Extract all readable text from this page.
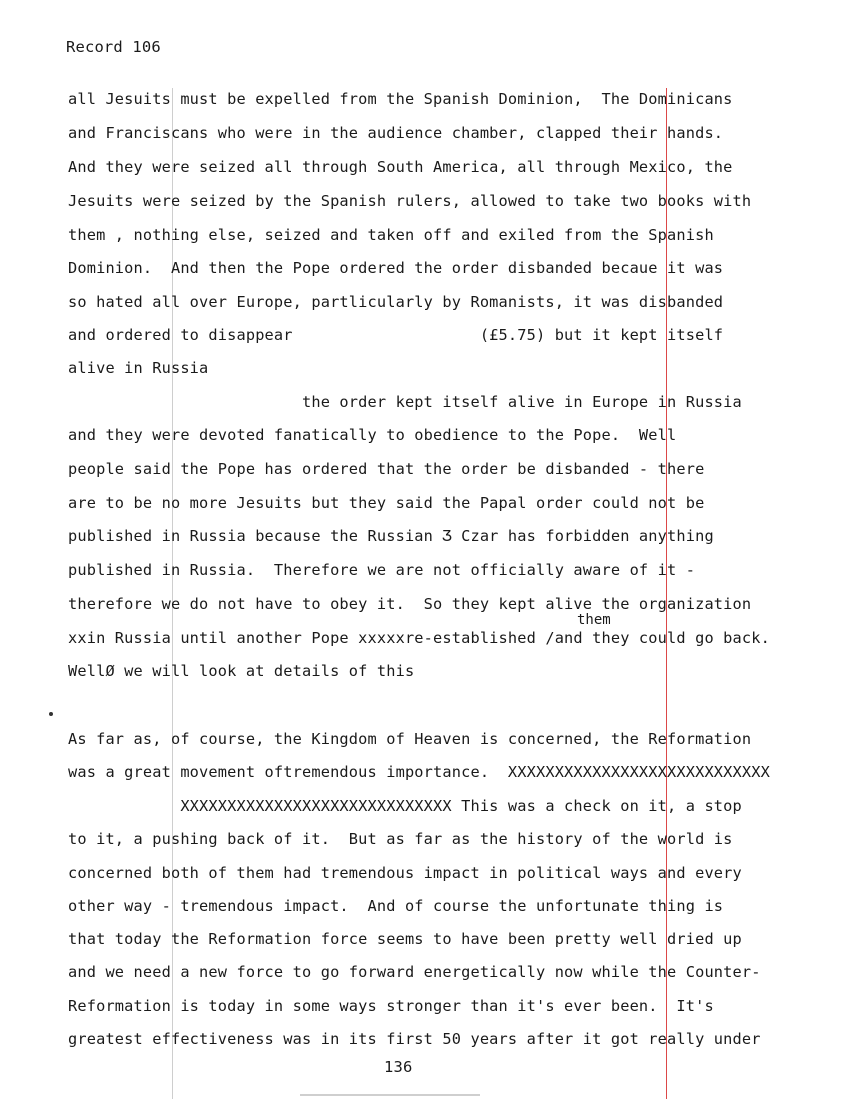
Record 106
all Jesuits must be expelled from the Spanish Dominion,  The Dominicans
and Franciscans who were in the audience chamber, clapped their hands.
And they were seized all through South America, all through Mexico, the
Jesuits were seized by the Spanish rulers, allowed to take two books with
them , nothing else, seized and taken off and exiled from the Spanish
Dominion.  And then the Pope ordered the order disbanded becaue it was
so hated all over Europe, partlicularly by Romanists, it was disbanded
and ordered to disappear                    (£5.75) but it kept itself
alive in Russia
the order kept itself alive in Europe in Russia
and they were devoted fanatically to obedience to the Pope.  Well
people said the Pope has ordered that the order be disbanded - there
are to be no more Jesuits but they said the Papal order could not be
published in Russia because the Russian Ʒ Czar has forbidden anything
published in Russia.  Therefore we are not officially aware of it -
therefore we do not have to obey it.  So they kept alive the organization
them
xxin Russia until another Pope xxxxxre-established /and they could go back.
WellØ we will look at details of this
As far as, of course, the Kingdom of Heaven is concerned, the Reformation
was a great movement oftremendous importance.  XXXXXXXXXXXXXXXXXXXXXXXXXXXX
XXXXXXXXXXXXXXXXXXXXXXXXXXXXX This was a check on it, a stop
to it, a pushing back of it.  But as far as the history of the world is
concerned both of them had tremendous impact in political ways and every
other way - tremendous impact.  And of course the unfortunate thing is
that today the Reformation force seems to have been pretty well dried up
and we need a new force to go forward energetically now while the Counter-
Reformation is today in some ways stronger than it's ever been.  It's
greatest effectiveness was in its first 50 years after it got really under
136
